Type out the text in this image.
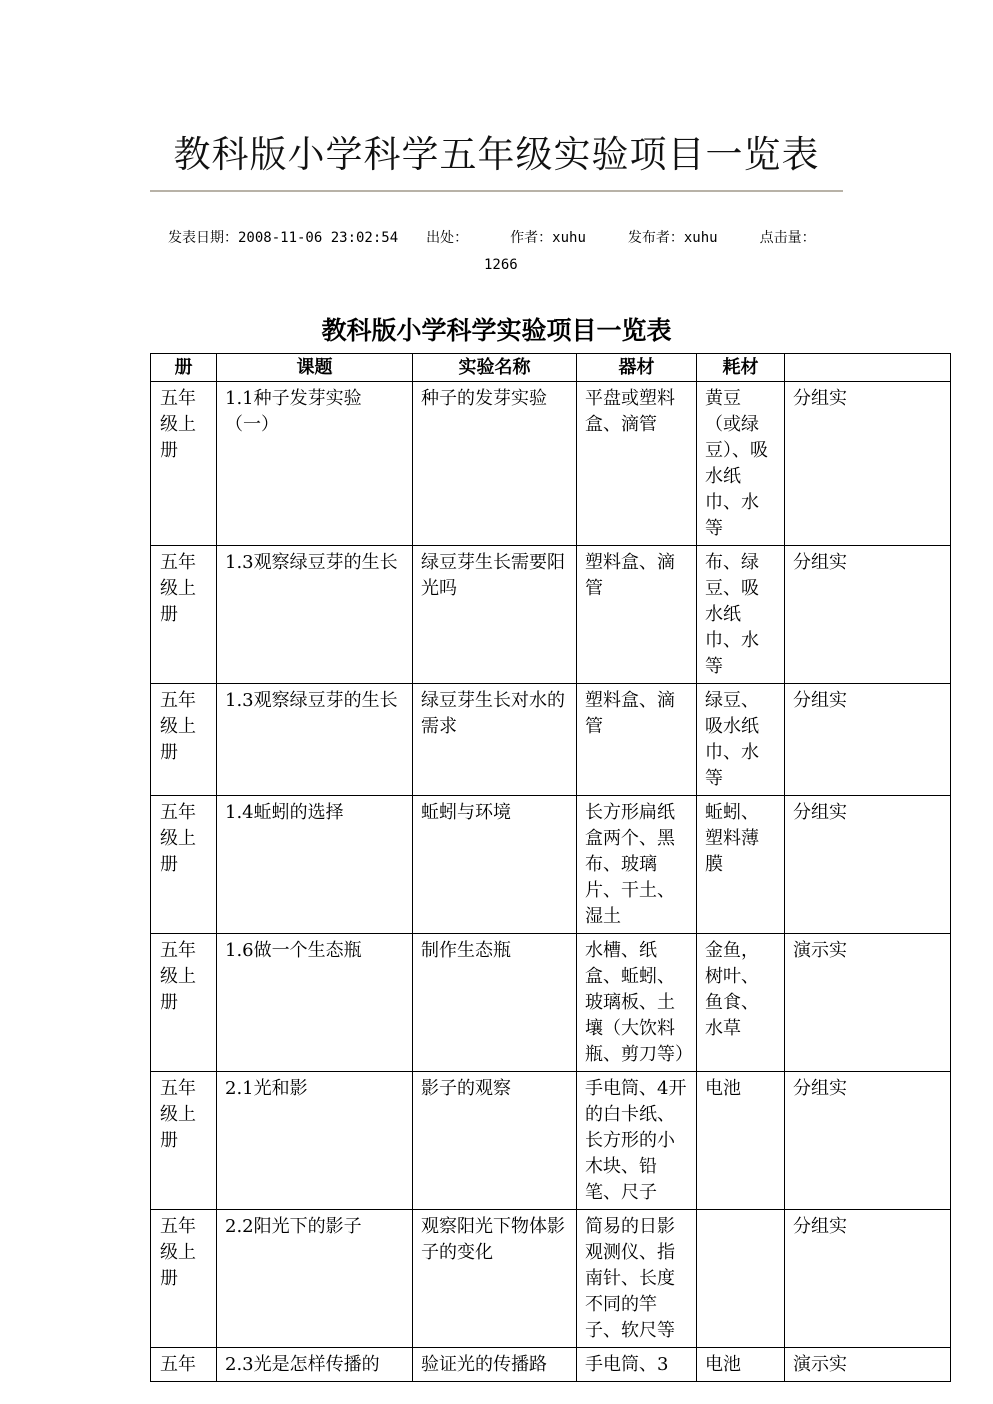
教科版小学科学五年级实验项目一览表
发表日期：2008-11-06 23:02:54 出处：	作者：xuhu	发布者：xuhu	点击量：
1266
教科版小学科学实验项目一览表
册	课题	实验名称	器材	耗材	
五年级上册	1.1种子发芽实验（一）	种子的发芽实验	平盘或塑料盒、滴管	黄豆（或绿豆）、吸水纸巾、水等	分组实
五年级上册	1.3观察绿豆芽的生长	绿豆芽生长需要阳光吗	塑料盒、滴管	布、绿豆、吸水纸巾、水等	分组实
五年级上册	1.3观察绿豆芽的生长	绿豆芽生长对水的需求	塑料盒、滴管	绿豆、吸水纸巾、水等	分组实
五年级上册	1.4蚯蚓的选择	蚯蚓与环境	长方形扁纸盒两个、黑布、玻璃片、干土、湿土	蚯蚓、塑料薄膜	分组实
五年级上册	1.6做一个生态瓶	制作生态瓶	水槽、纸盒、蚯蚓、玻璃板、土壤（大饮料瓶、剪刀等）	金鱼，树叶、鱼食、水草	演示实
五年级上册	2.1光和影	影子的观察	手电筒、4开的白卡纸、长方形的小木块、铅笔、尺子	电池	分组实
五年级上册	2.2阳光下的影子	观察阳光下物体影子的变化	简易的日影观测仪、指南针、长度不同的竿子、软尺等		分组实
五年	2.3光是怎样传播的	验证光的传播路	手电筒、3	电池	演示实
